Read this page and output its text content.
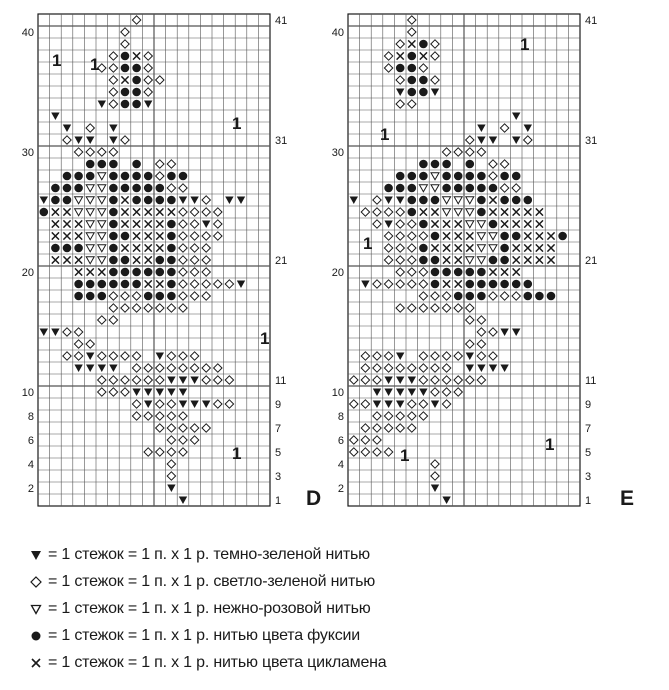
2
4
6
8
10
20
30
40
1
3
5
7
9
11
21
31
41
1 1
1
1
1
D 2
4
6
8
10
20
30
40
1
3
5
7
9
11
21
31
41
1
1
1
1
1
E
= 1 стежок = 1 п. х 1 р. темно-зеленой нитью
= 1 стежок = 1 п. х 1 р. светло-зеленой нитью
= 1 стежок = 1 п. х 1 р. нежно-розовой нитью
= 1 стежок = 1 п. х 1 р. нитью цвета фуксии
= 1 стежок = 1 п. х 1 р. нитью цвета цикламена
